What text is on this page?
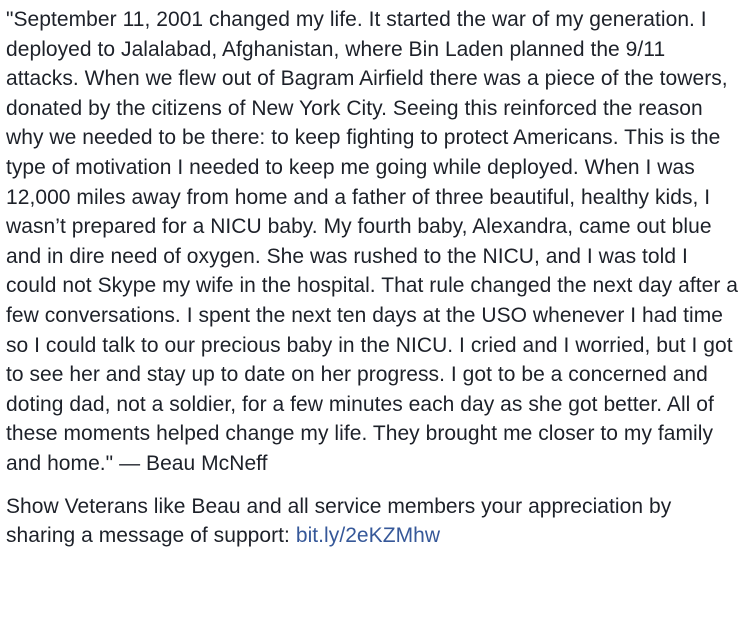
"September 11, 2001 changed my life. It started the war of my generation. I deployed to Jalalabad, Afghanistan, where Bin Laden planned the 9/11 attacks. When we flew out of Bagram Airfield there was a piece of the towers, donated by the citizens of New York City. Seeing this reinforced the reason why we needed to be there: to keep fighting to protect Americans. This is the type of motivation I needed to keep me going while deployed. When I was 12,000 miles away from home and a father of three beautiful, healthy kids, I wasn’t prepared for a NICU baby. My fourth baby, Alexandra, came out blue and in dire need of oxygen. She was rushed to the NICU, and I was told I could not Skype my wife in the hospital. That rule changed the next day after a few conversations. I spent the next ten days at the USO whenever I had time so I could talk to our precious baby in the NICU. I cried and I worried, but I got to see her and stay up to date on her progress. I got to be a concerned and doting dad, not a soldier, for a few minutes each day as she got better. All of these moments helped change my life. They brought me closer to my family and home." — Beau McNeff

Show Veterans like Beau and all service members your appreciation by sharing a message of support: bit.ly/2eKZMhw
